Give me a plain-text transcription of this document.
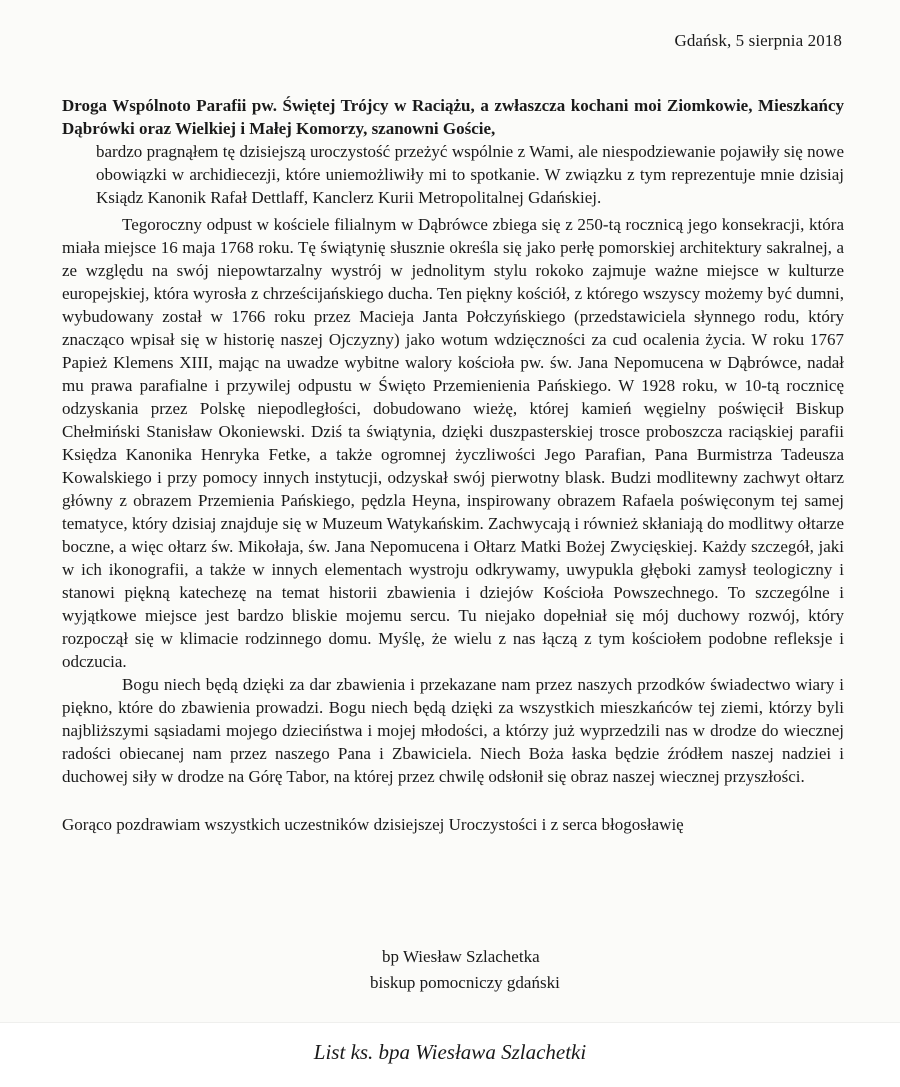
Gdańsk, 5 sierpnia 2018

Droga Wspólnoto Parafii pw. Świętej Trójcy w Raciążu, a zwłaszcza kochani moi Ziomkowie, Mieszkańcy Dąbrówki oraz Wielkiej i Małej Komorzy, szanowni Goście,

bardzo pragnąłem tę dzisiejszą uroczystość przeżyć wspólnie z Wami, ale niespodziewanie pojawiły się nowe obowiązki w archidiecezji, które uniemożliwiły mi to spotkanie. W związku z tym reprezentuje mnie dzisiaj Ksiądz Kanonik Rafał Dettlaff, Kanclerz Kurii Metropolitalnej Gdańskiej.

Tegoroczny odpust w kościele filialnym w Dąbrówce zbiega się z 250-tą rocznicą jego konsekracji, która miała miejsce 16 maja 1768 roku. Tę świątynię słusznie określa się jako perłę pomorskiej architektury sakralnej, a ze względu na swój niepowtarzalny wystrój w jednolitym stylu rokoko zajmuje ważne miejsce w kulturze europejskiej, która wyrosła z chrześcijańskiego ducha. Ten piękny kościół, z którego wszyscy możemy być dumni, wybudowany został w 1766 roku przez Macieja Janta Połczyńskiego (przedstawiciela słynnego rodu, który znacząco wpisał się w historię naszej Ojczyzny) jako wotum wdzięczności za cud ocalenia życia. W roku 1767 Papież Klemens XIII, mając na uwadze wybitne walory kościoła pw. św. Jana Nepomucena w Dąbrówce, nadał mu prawa parafialne i przywilej odpustu w Święto Przemienienia Pańskiego. W 1928 roku, w 10-tą rocznicę odzyskania przez Polskę niepodległości, dobudowano wieżę, której kamień węgielny poświęcił Biskup Chełmiński Stanisław Okoniewski. Dziś ta świątynia, dzięki duszpasterskiej trosce proboszcza raciąskiej parafii Księdza Kanonika Henryka Fetke, a także ogromnej życzliwości Jego Parafian, Pana Burmistrza Tadeusza Kowalskiego i przy pomocy innych instytucji, odzyskał swój pierwotny blask. Budzi modlitewny zachwyt ołtarz główny z obrazem Przemienia Pańskiego, pędzla Heyna, inspirowany obrazem Rafaela poświęconym tej samej tematyce, który dzisiaj znajduje się w Muzeum Watykańskim. Zachwycają i również skłaniają do modlitwy ołtarze boczne, a więc ołtarz św. Mikołaja, św. Jana Nepomucena i Ołtarz Matki Bożej Zwycięskiej. Każdy szczegół, jaki w ich ikonografii, a także w innych elementach wystroju odkrywamy, uwypukla głęboki zamysł teologiczny i stanowi piękną katechezę na temat historii zbawienia i dziejów Kościoła Powszechnego. To szczególne i wyjątkowe miejsce jest bardzo bliskie mojemu sercu. Tu niejako dopełniał się mój duchowy rozwój, który rozpoczął się w klimacie rodzinnego domu. Myślę, że wielu z nas łączą z tym kościołem podobne refleksje i odczucia.

Bogu niech będą dzięki za dar zbawienia i przekazane nam przez naszych przodków świadectwo wiary i piękno, które do zbawienia prowadzi. Bogu niech będą dzięki za wszystkich mieszkańców tej ziemi, którzy byli najbliższymi sąsiadami mojego dzieciństwa i mojej młodości, a którzy już wyprzedzili nas w drodze do wiecznej radości obiecanej nam przez naszego Pana i Zbawiciela. Niech Boża łaska będzie źródłem naszej nadziei i duchowej siły w drodze na Górę Tabor, na której przez chwilę odsłonił się obraz naszej wiecznej przyszłości.

Gorąco pozdrawiam wszystkich uczestników dzisiejszej Uroczystości i z serca błogosławię

bp Wiesław Szlachetka
biskup pomocniczy gdański
List ks. bpa Wiesława Szlachetki
